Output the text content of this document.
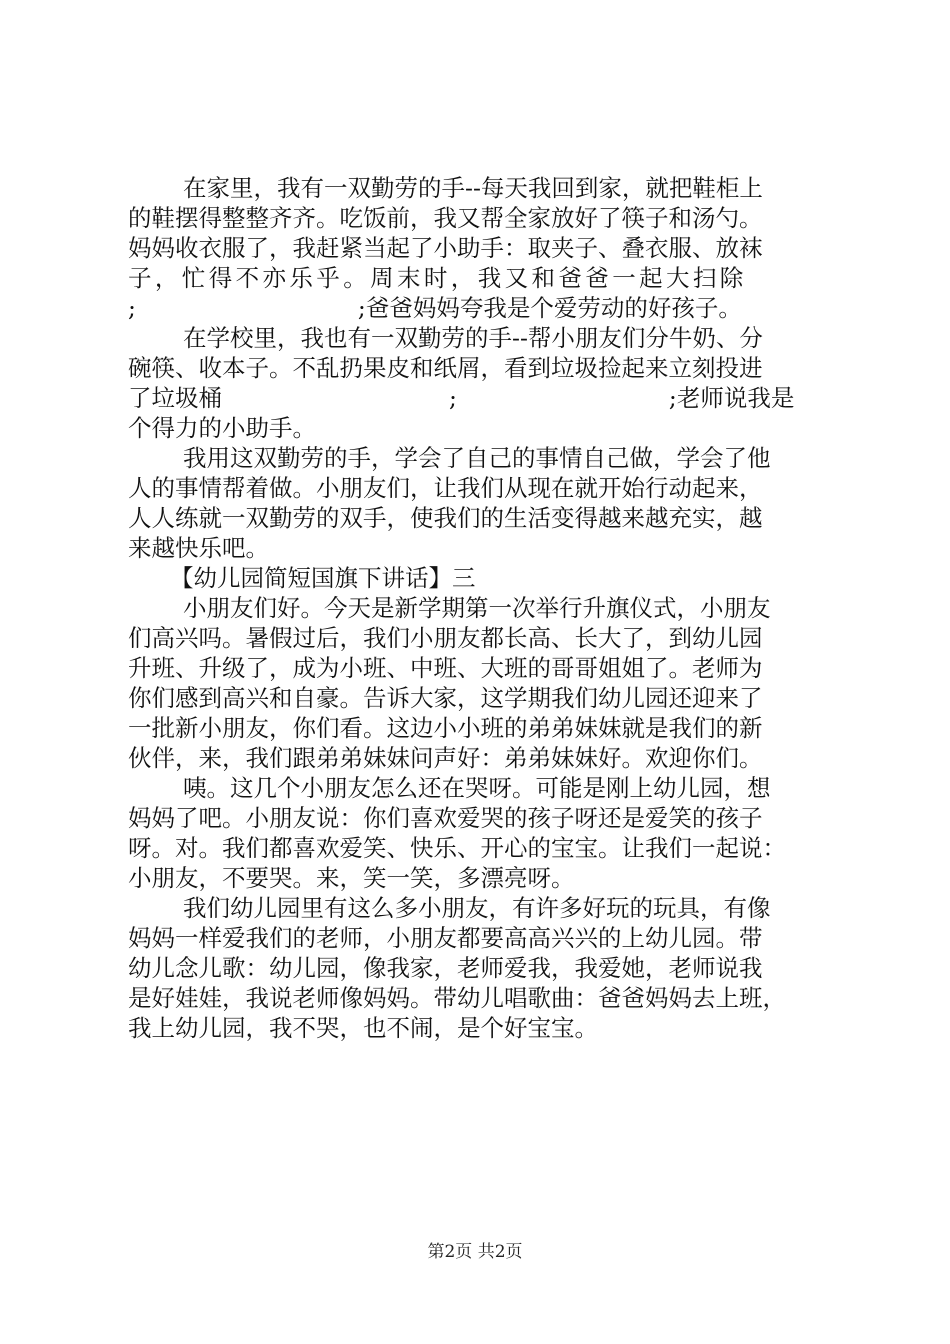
在家里，我有一双勤劳的手--每天我回到家，就把鞋柜上
的鞋摆得整整齐齐。吃饭前，我又帮全家放好了筷子和汤勺。
妈妈收衣服了，我赶紧当起了小助手：取夹子、叠衣服、放袜
子，忙得不亦乐乎。周末时，我又和爸爸一起大扫除
;	;爸爸妈妈夸我是个爱劳动的好孩子。
在学校里，我也有一双勤劳的手--帮小朋友们分牛奶、分
碗筷、收本子。不乱扔果皮和纸屑，看到垃圾捡起来立刻投进
了垃圾桶	;	;老师说我是
个得力的小助手。
我用这双勤劳的手，学会了自己的事情自己做，学会了他
人的事情帮着做。小朋友们，让我们从现在就开始行动起来，
人人练就一双勤劳的双手，使我们的生活变得越来越充实，越
来越快乐吧。
【幼儿园简短国旗下讲话】三
小朋友们好。今天是新学期第一次举行升旗仪式，小朋友
们高兴吗。暑假过后，我们小朋友都长高、长大了，到幼儿园
升班、升级了，成为小班、中班、大班的哥哥姐姐了。老师为
你们感到高兴和自豪。告诉大家，这学期我们幼儿园还迎来了
一批新小朋友，你们看。这边小小班的弟弟妹妹就是我们的新
伙伴，来，我们跟弟弟妹妹问声好：弟弟妹妹好。欢迎你们。
咦。这几个小朋友怎么还在哭呀。可能是刚上幼儿园，想
妈妈了吧。小朋友说：你们喜欢爱哭的孩子呀还是爱笑的孩子
呀。对。我们都喜欢爱笑、快乐、开心的宝宝。让我们一起说：
小朋友，不要哭。来，笑一笑，多漂亮呀。
我们幼儿园里有这么多小朋友，有许多好玩的玩具，有像
妈妈一样爱我们的老师，小朋友都要高高兴兴的上幼儿园。带
幼儿念儿歌：幼儿园，像我家，老师爱我，我爱她，老师说我
是好娃娃，我说老师像妈妈。带幼儿唱歌曲：爸爸妈妈去上班，
我上幼儿园，我不哭，也不闹，是个好宝宝。
第2页 共2页
